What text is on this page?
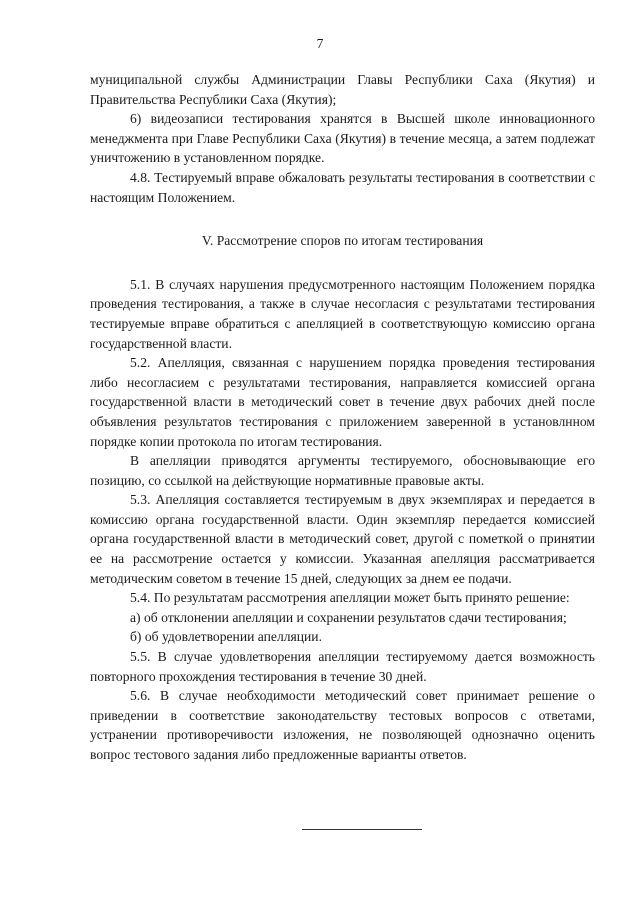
7

муниципальной службы Администрации Главы Республики Саха (Якутия) и Правительства Республики Саха (Якутия);

6) видеозаписи тестирования хранятся в Высшей школе инновационного менеджмента при Главе Республики Саха (Якутия) в течение месяца, а затем подлежат уничтожению в установленном порядке.

4.8. Тестируемый вправе обжаловать результаты тестирования в соответствии с настоящим Положением.

V. Рассмотрение споров по итогам тестирования

5.1. В случаях нарушения предусмотренного настоящим Положением порядка проведения тестирования, а также в случае несогласия с результатами тестирования тестируемые вправе обратиться с апелляцией в соответствующую комиссию органа государственной власти.

5.2. Апелляция, связанная с нарушением порядка проведения тестирования либо несогласием с результатами тестирования, направляется комиссией органа государственной власти в методический совет в течение двух рабочих дней после объявления результатов тестирования с приложением заверенной в установлнном порядке копии протокола по итогам тестирования.

В апелляции приводятся аргументы тестируемого, обосновывающие его позицию, со ссылкой на действующие нормативные правовые акты.

5.3. Апелляция составляется тестируемым в двух экземплярах и передается в комиссию органа государственной власти. Один экземпляр передается комиссией органа государственной власти в методический совет, другой с пометкой о принятии ее на рассмотрение остается у комиссии. Указанная апелляция рассматривается методическим советом в течение 15 дней, следующих за днем ее подачи.

5.4. По результатам рассмотрения апелляции может быть принято решение:

а) об отклонении апелляции и сохранении результатов сдачи тестирования;

б) об удовлетворении апелляции.

5.5. В случае удовлетворения апелляции тестируемому дается возможность повторного прохождения тестирования в течение 30 дней.

5.6. В случае необходимости методический совет принимает решение о приведении в соответствие законодательству тестовых вопросов с ответами, устранении противоречивости изложения, не позволяющей однозначно оценить вопрос тестового задания либо предложенные варианты ответов.
